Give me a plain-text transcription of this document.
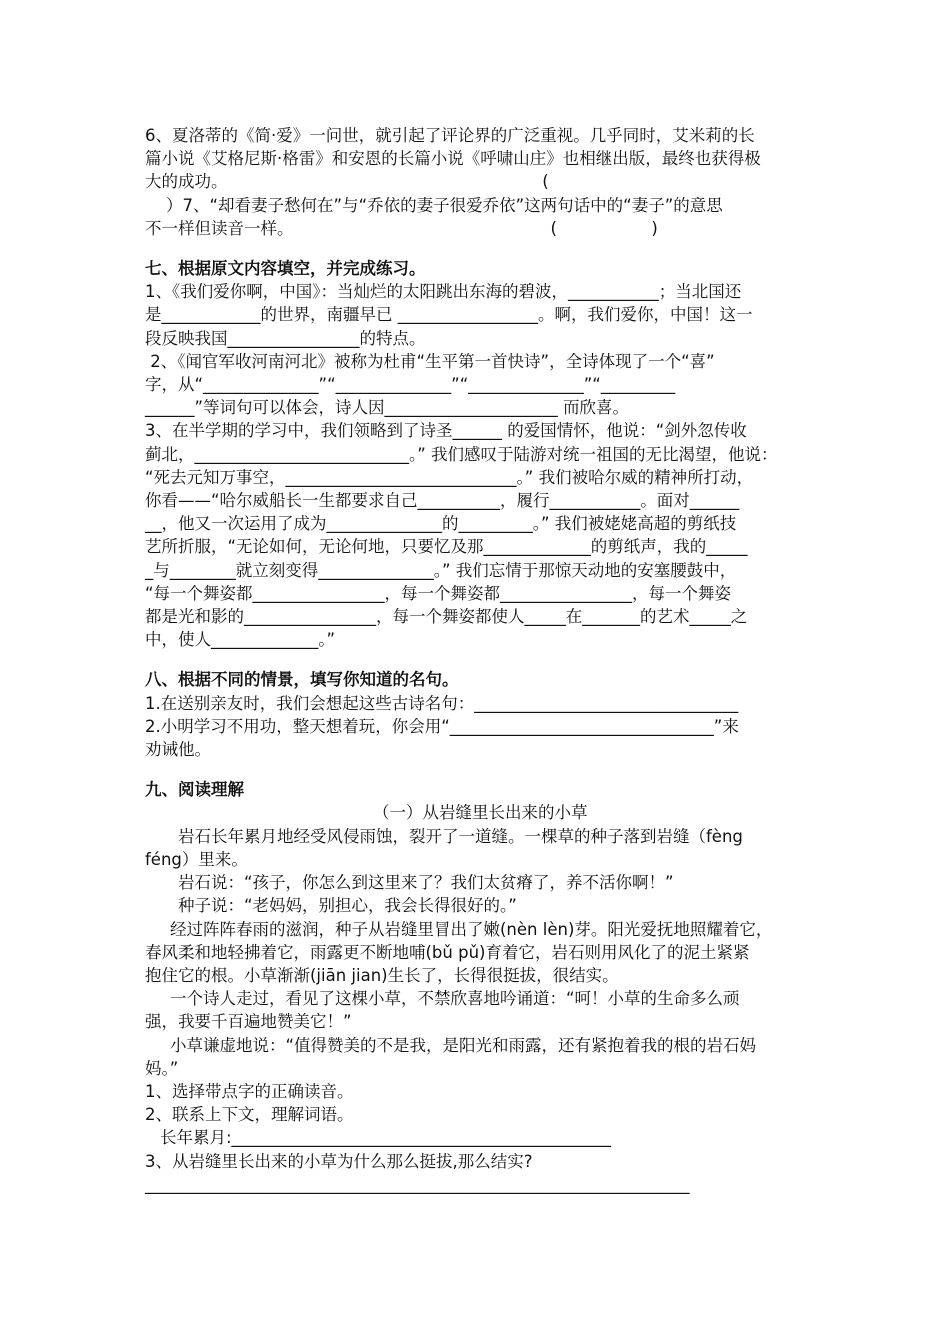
6、夏洛蒂的《简·爱》一问世，就引起了评论界的广泛重视。几乎同时，艾米莉的长
篇小说《艾格尼斯·格雷》和安恩的长篇小说《呼啸山庄》也相继出版，最终也获得极
大的成功。                                                            (
）7、“却看妻子愁何在”与“乔依的妻子很爱乔依”这两句话中的“妻子”的意思
不一样但读音一样。                                                 (                  )
七、根据原文内容填空，并完成练习。
1、《我们爱你啊，中国》：当灿烂的太阳跳出东海的碧波，___________；当北国还
是____________的世界，南疆早已 _________________。啊，我们爱你，中国！这一
段反映我国________________的特点。
2、《闻官军收河南河北》被称为杜甫“生平第一首快诗”，全诗体现了一个“喜”
字，从“______________”“______________”“______________”“_________
______”等词句可以体会，诗人因_____________________ 而欣喜。
3、在半学期的学习中，我们领略到了诗圣______ 的爱国情怀，他说：“剑外忽传收
蓟北，__________________________。” 我们感叹于陆游对统一祖国的无比渴望，他说：
“死去元知万事空，____________________________。” 我们被哈尔威的精神所打动，
你看——“哈尔威船长一生都要求自己__________，履行___________。面对______
__，他又一次运用了成为______________的_________。” 我们被姥姥高超的剪纸技
艺所折服，“无论如何，无论何地，只要忆及那_____________的剪纸声，我的_____
_与________就立刻变得______________。” 我们忘情于那惊天动地的安塞腰鼓中，
“每一个舞姿都________________，每一个舞姿都________________，每一个舞姿
都是光和影的________________，每一个舞姿都使人_____在_______的艺术_____之
中，使人_____________。”
八、根据不同的情景，填写你知道的名句。
1.在送别亲友时，我们会想起这些古诗名句：________________________________
2.小明学习不用功，整天想着玩，你会用“________________________________”来
劝诫他。
九、阅读理解
（一）从岩缝里长出来的小草
岩石长年累月地经受风侵雨蚀，裂开了一道缝。一棵草的种子落到岩缝（fèng
féng）里来。
岩石说：“孩子，你怎么到这里来了？我们太贫瘠了，养不活你啊！”
种子说：“老妈妈，别担心，我会长得很好的。”
经过阵阵春雨的滋润，种子从岩缝里冒出了嫩(nèn lèn)芽。阳光爱抚地照耀着它，
春风柔和地轻拂着它，雨露更不断地哺(bǔ pǔ)育着它，岩石则用风化了的泥土紧紧
抱住它的根。小草渐渐(jiān jian)生长了，长得很挺拔，很结实。
一个诗人走过，看见了这棵小草，不禁欣喜地吟诵道：“呵！小草的生命多么顽
强，我要千百遍地赞美它！”
小草谦虚地说：“值得赞美的不是我，是阳光和雨露，还有紧抱着我的根的岩石妈
妈。”
1、选择带点字的正确读音。
2、联系上下文，理解词语。
长年累月:______________________________________________
3、从岩缝里长出来的小草为什么那么挺拔,那么结实?
__________________________________________________________________
